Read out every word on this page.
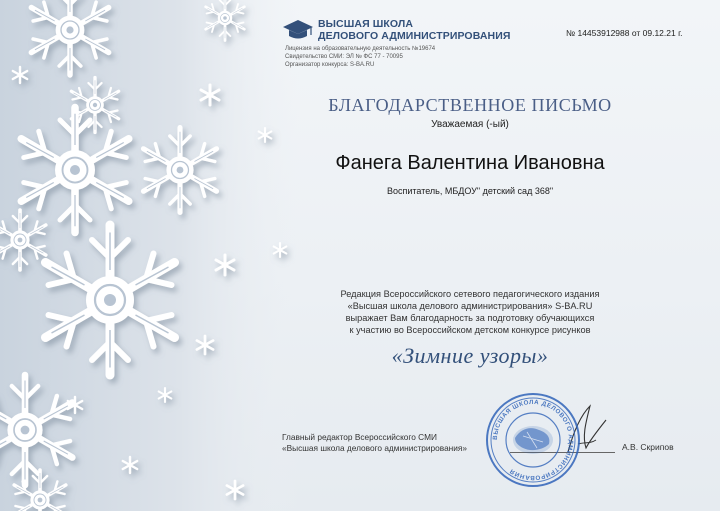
ВЫСШАЯ ШКОЛА
ДЕЛОВОГО АДМИНИСТРИРОВАНИЯ
Лицензия на образовательную деятельность №19674
Свидетельство СМИ: ЭЛ № ФС 77 - 70095
Организатор конкурса: S-BA.RU
№ 14453912988 от 09.12.21 г.
БЛАГОДАРСТВЕННОЕ ПИСЬМО
Уважаемая (-ый)
Фанега Валентина Ивановна
Воспитатель, МБДОУ" детский сад 368"
Редакция Всероссийского сетевого педагогического издания
«Высшая школа делового администрирования» S-BA.RU
выражает Вам благодарность за подготовку обучающихся
к участию во Всероссийском детском конкурсе рисунков
«Зимние узоры»
Главный редактор Всероссийского СМИ
«Высшая школа делового администрирования»	А.В. Скрипов
ВЫСШАЯ ШКОЛА ДЕЛОВОГО АДМИНИСТРИРОВАНИЯ
